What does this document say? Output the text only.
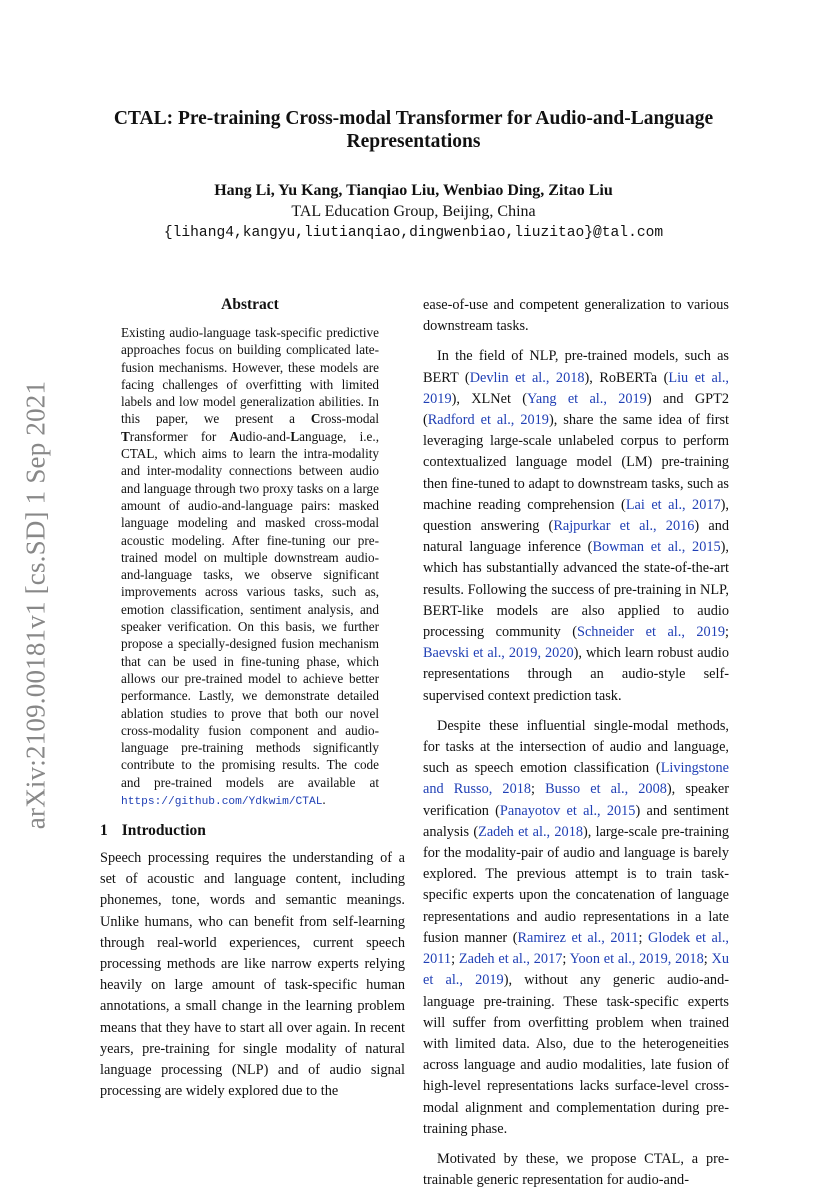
CTAL: Pre-training Cross-modal Transformer for Audio-and-Language Representations
Hang Li, Yu Kang, Tianqiao Liu, Wenbiao Ding, Zitao Liu
TAL Education Group, Beijing, China
{lihang4,kangyu,liutianqiao,dingwenbiao,liuzitao}@tal.com
arXiv:2109.00181v1 [cs.SD] 1 Sep 2021
Abstract
Existing audio-language task-specific predictive approaches focus on building complicated late-fusion mechanisms. However, these models are facing challenges of overfitting with limited labels and low model generalization abilities. In this paper, we present a Cross-modal Transformer for Audio-and-Language, i.e., CTAL, which aims to learn the intra-modality and inter-modality connections between audio and language through two proxy tasks on a large amount of audio-and-language pairs: masked language modeling and masked cross-modal acoustic modeling. After fine-tuning our pre-trained model on multiple downstream audio-and-language tasks, we observe significant improvements across various tasks, such as, emotion classification, sentiment analysis, and speaker verification. On this basis, we further propose a specially-designed fusion mechanism that can be used in fine-tuning phase, which allows our pre-trained model to achieve better performance. Lastly, we demonstrate detailed ablation studies to prove that both our novel cross-modality fusion component and audio-language pre-training methods significantly contribute to the promising results. The code and pre-trained models are available at https://github.com/Ydkwim/CTAL.
1 Introduction

Speech processing requires the understanding of a set of acoustic and language content, including phonemes, tone, words and semantic meanings. Unlike humans, who can benefit from self-learning through real-world experiences, current speech processing methods are like narrow experts relying heavily on large amount of task-specific human annotations, a small change in the learning problem means that they have to start all over again. In recent years, pre-training for single modality of natural language processing (NLP) and of audio signal processing are widely explored due to the

ease-of-use and competent generalization to various downstream tasks.

In the field of NLP, pre-trained models, such as BERT (Devlin et al., 2018), RoBERTa (Liu et al., 2019), XLNet (Yang et al., 2019) and GPT2 (Radford et al., 2019), share the same idea of first leveraging large-scale unlabeled corpus to perform contextualized language model (LM) pre-training then fine-tuned to adapt to downstream tasks, such as machine reading comprehension (Lai et al., 2017), question answering (Rajpurkar et al., 2016) and natural language inference (Bowman et al., 2015), which has substantially advanced the state-of-the-art results. Following the success of pre-training in NLP, BERT-like models are also applied to audio processing community (Schneider et al., 2019; Baevski et al., 2019, 2020), which learn robust audio representations through an audio-style self-supervised context prediction task.

Despite these influential single-modal methods, for tasks at the intersection of audio and language, such as speech emotion classification (Livingstone and Russo, 2018; Busso et al., 2008), speaker verification (Panayotov et al., 2015) and sentiment analysis (Zadeh et al., 2018), large-scale pre-training for the modality-pair of audio and language is barely explored. The previous attempt is to train task-specific experts upon the concatenation of language representations and audio representations in a late fusion manner (Ramirez et al., 2011; Glodek et al., 2011; Zadeh et al., 2017; Yoon et al., 2019, 2018; Xu et al., 2019), without any generic audio-and-language pre-training. These task-specific experts will suffer from overfitting problem when trained with limited data. Also, due to the heterogeneities across language and audio modalities, late fusion of high-level representations lacks surface-level cross-modal alignment and complementation during pre-training phase.

Motivated by these, we propose CTAL, a pre-trainable generic representation for audio-and-
